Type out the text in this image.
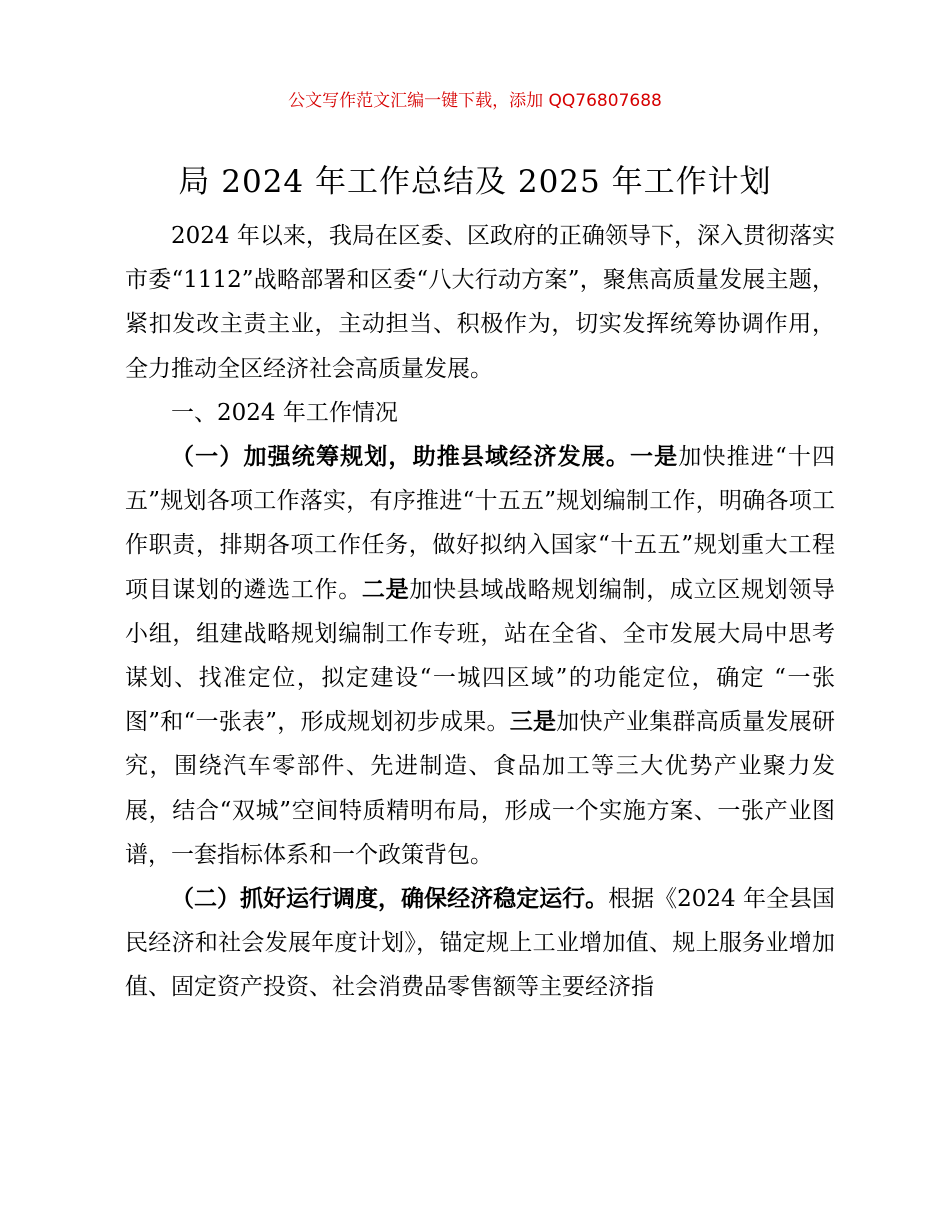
公文写作范文汇编一键下载，添加 QQ76807688
局 2024 年工作总结及 2025 年工作计划

2024 年以来，我局在区委、区政府的正确领导下，深入贯彻落实市委“1112”战略部署和区委“八大行动方案”，聚焦高质量发展主题，紧扣发改主责主业，主动担当、积极作为，切实发挥统筹协调作用，全力推动全区经济社会高质量发展。

一、2024 年工作情况

（一）加强统筹规划，助推县域经济发展。一是加快推进“十四五”规划各项工作落实，有序推进“十五五”规划编制工作，明确各项工作职责，排期各项工作任务，做好拟纳入国家“十五五”规划重大工程项目谋划的遴选工作。二是加快县域战略规划编制，成立区规划领导小组，组建战略规划编制工作专班，站在全省、全市发展大局中思考谋划、找准定位，拟定建设“一城四区域”的功能定位，确定 “一张图”和“一张表”，形成规划初步成果。三是加快产业集群高质量发展研究，围绕汽车零部件、先进制造、食品加工等三大优势产业聚力发展，结合“双城”空间特质精明布局，形成一个实施方案、一张产业图谱，一套指标体系和一个政策背包。

（二）抓好运行调度，确保经济稳定运行。根据《2024 年全县国民经济和社会发展年度计划》，锚定规上工业增加值、规上服务业增加值、固定资产投资、社会消费品零售额等主要经济指
